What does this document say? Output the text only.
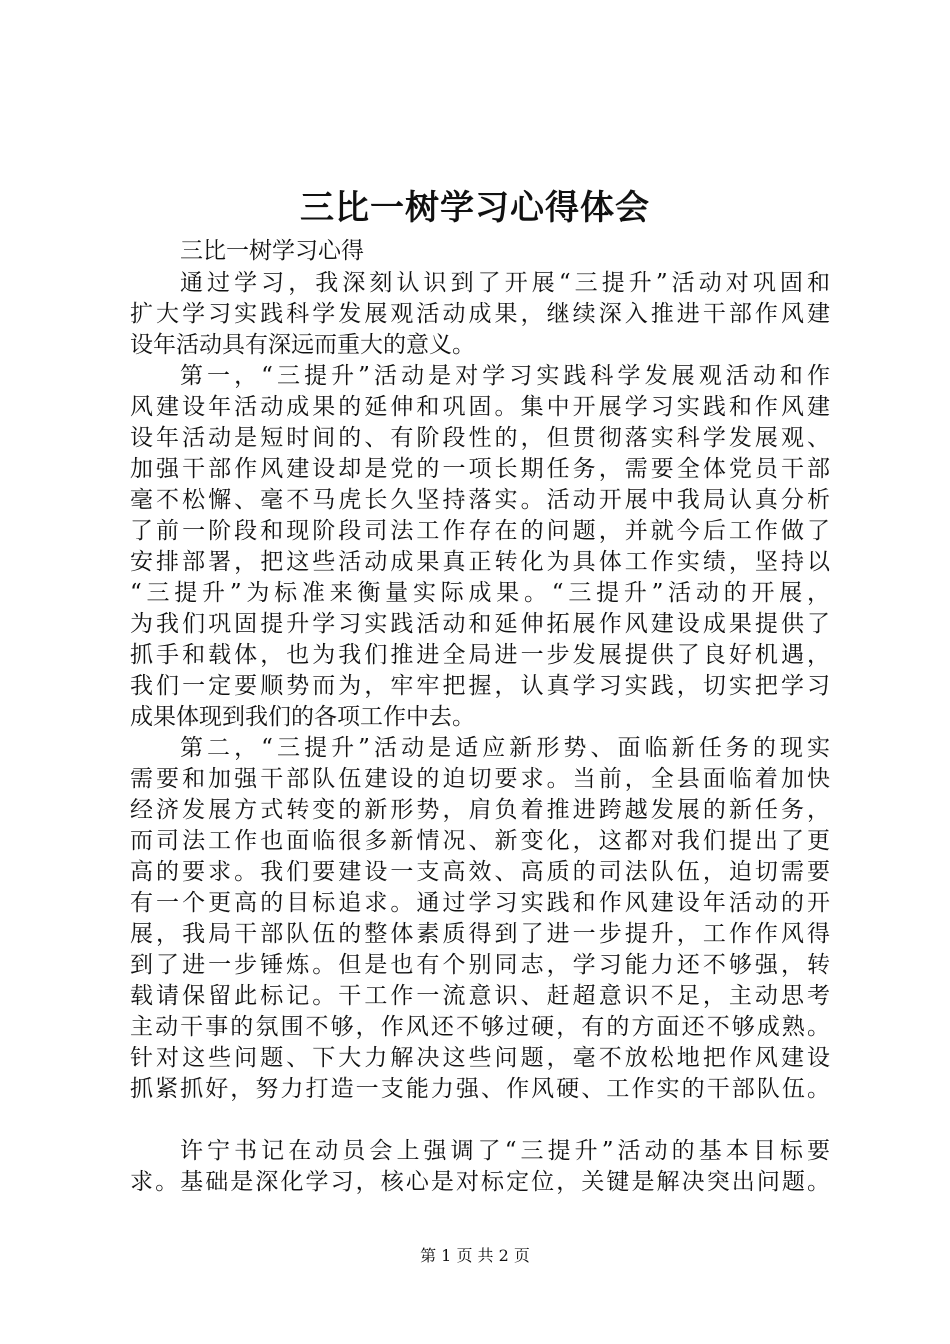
三比一树学习心得体会
三比一树学习心得
通过学习，我深刻认识到了开展“三提升”活动对巩固和
扩大学习实践科学发展观活动成果，继续深入推进干部作风建
设年活动具有深远而重大的意义。
第一，“三提升”活动是对学习实践科学发展观活动和作
风建设年活动成果的延伸和巩固。集中开展学习实践和作风建
设年活动是短时间的、有阶段性的，但贯彻落实科学发展观、
加强干部作风建设却是党的一项长期任务，需要全体党员干部
毫不松懈、毫不马虎长久坚持落实。活动开展中我局认真分析
了前一阶段和现阶段司法工作存在的问题，并就今后工作做了
安排部署，把这些活动成果真正转化为具体工作实绩，坚持以
“三提升”为标准来衡量实际成果。“三提升”活动的开展，
为我们巩固提升学习实践活动和延伸拓展作风建设成果提供了
抓手和载体，也为我们推进全局进一步发展提供了良好机遇，
我们一定要顺势而为，牢牢把握，认真学习实践，切实把学习
成果体现到我们的各项工作中去。
第二，“三提升”活动是适应新形势、面临新任务的现实
需要和加强干部队伍建设的迫切要求。当前，全县面临着加快
经济发展方式转变的新形势，肩负着推进跨越发展的新任务，
而司法工作也面临很多新情况、新变化，这都对我们提出了更
高的要求。我们要建设一支高效、高质的司法队伍，迫切需要
有一个更高的目标追求。通过学习实践和作风建设年活动的开
展，我局干部队伍的整体素质得到了进一步提升，工作作风得
到了进一步锤炼。但是也有个别同志，学习能力还不够强，转
载请保留此标记。干工作一流意识、赶超意识不足，主动思考
主动干事的氛围不够，作风还不够过硬，有的方面还不够成熟。
针对这些问题、下大力解决这些问题，毫不放松地把作风建设
抓紧抓好，努力打造一支能力强、作风硬、工作实的干部队伍。
许宁书记在动员会上强调了“三提升”活动的基本目标要
求。基础是深化学习，核心是对标定位，关键是解决突出问题。
第 1 页 共 2 页
